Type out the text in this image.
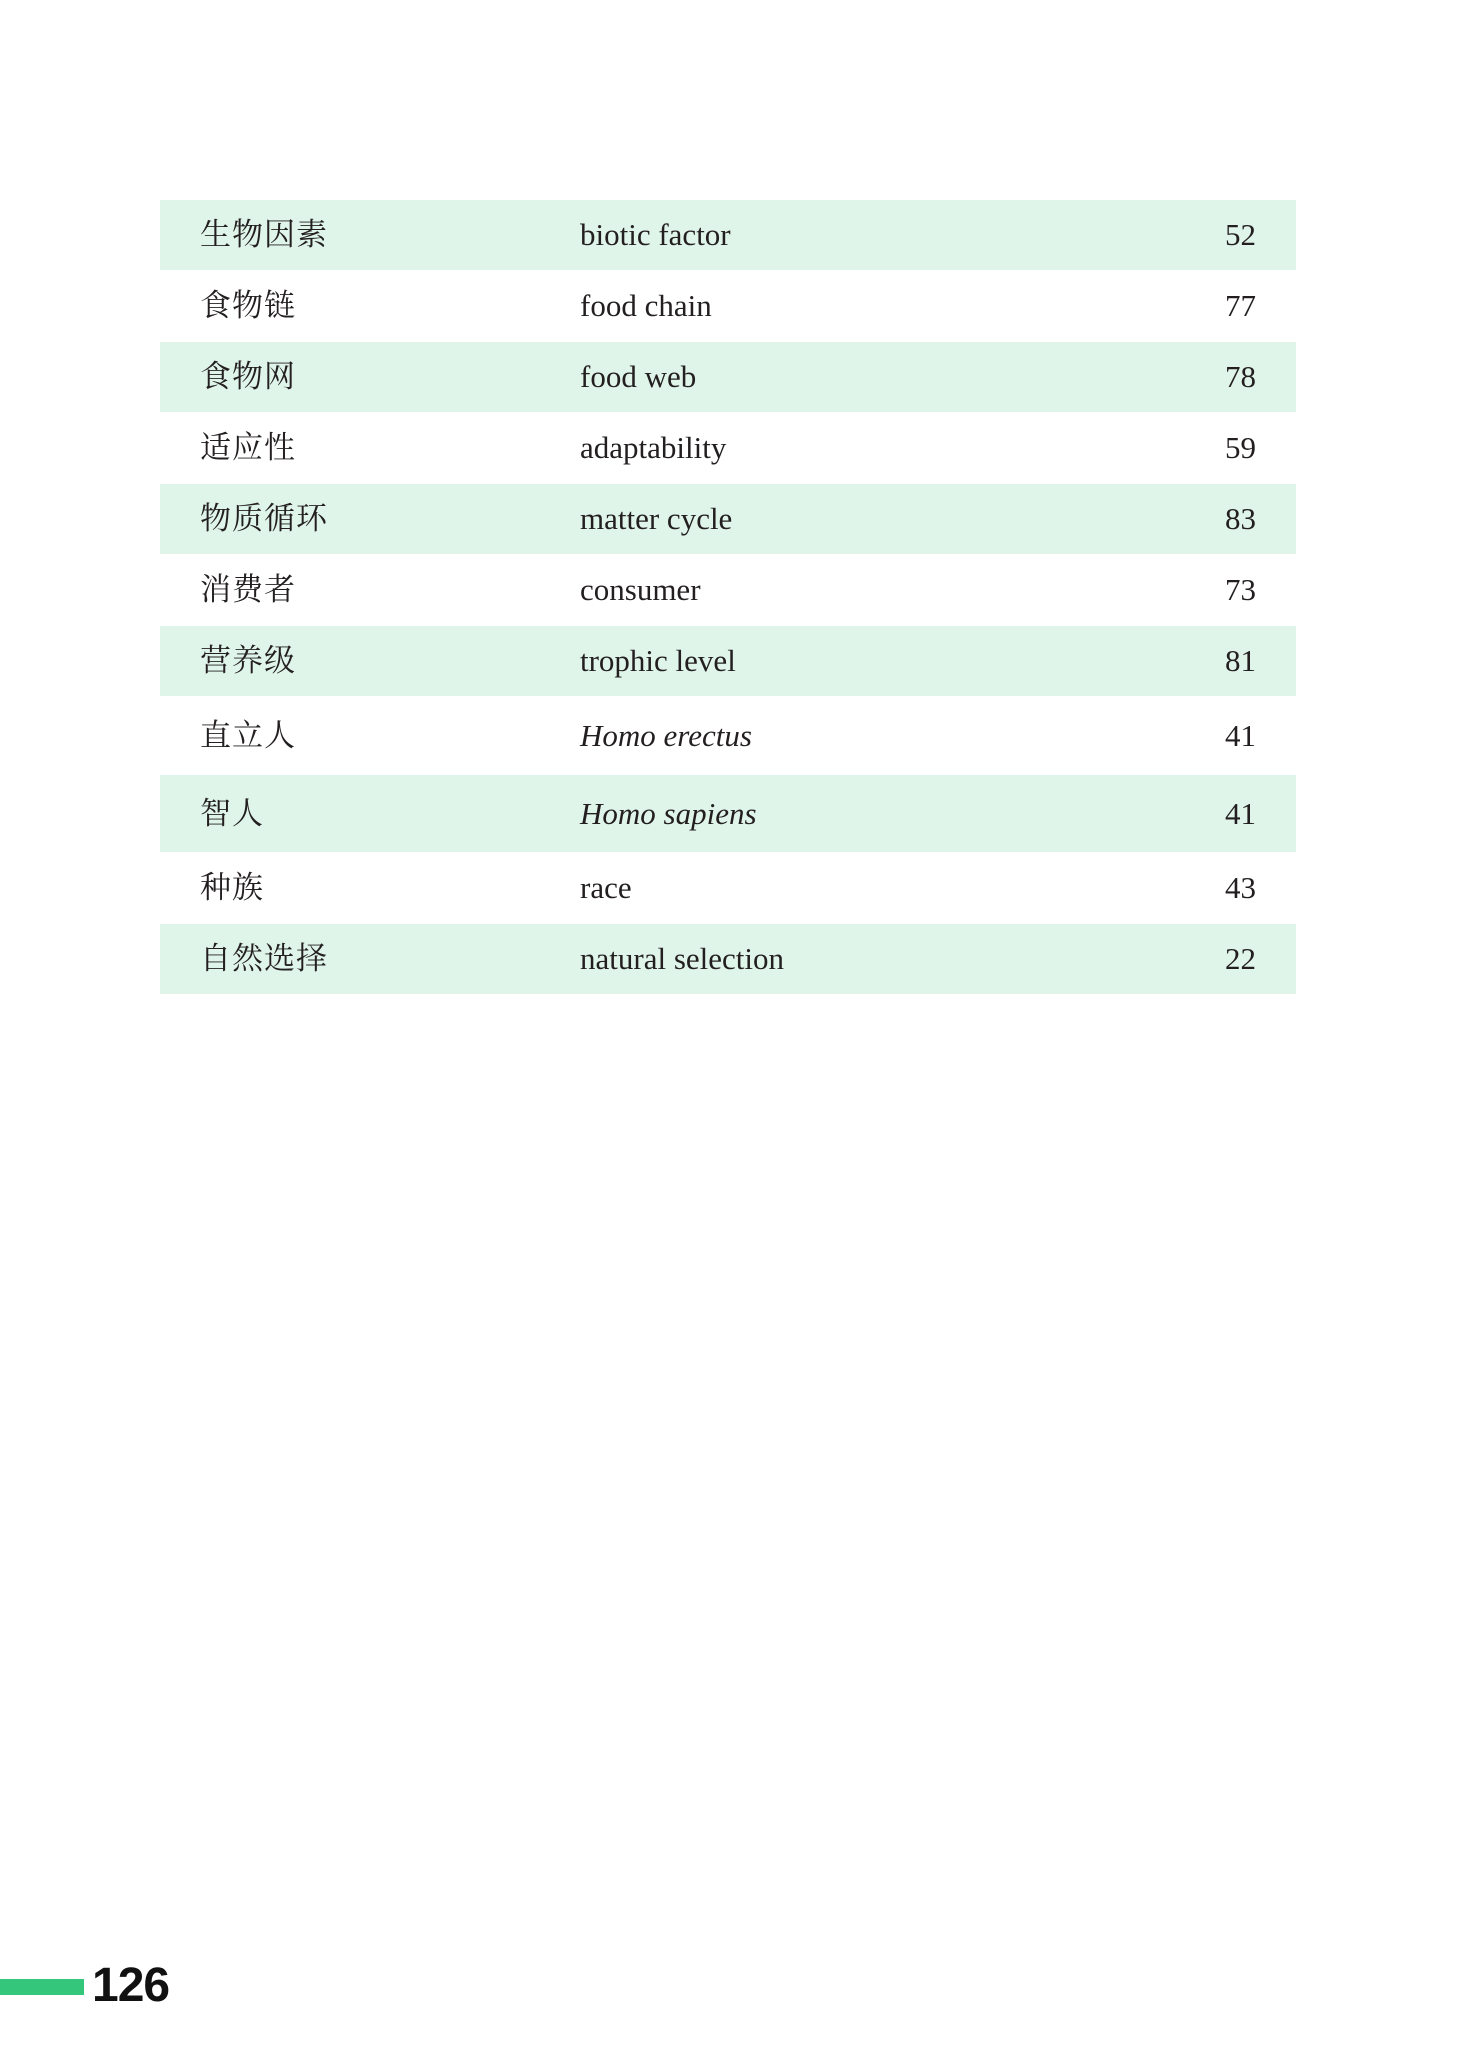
生物因素	biotic factor	52
食物链	food chain	77
食物网	food web	78
适应性	adaptability	59
物质循环	matter cycle	83
消费者	consumer	73
营养级	trophic level	81
直立人	Homo erectus	41
智人	Homo sapiens	41
种族	race	43
自然选择	natural selection	22
126
